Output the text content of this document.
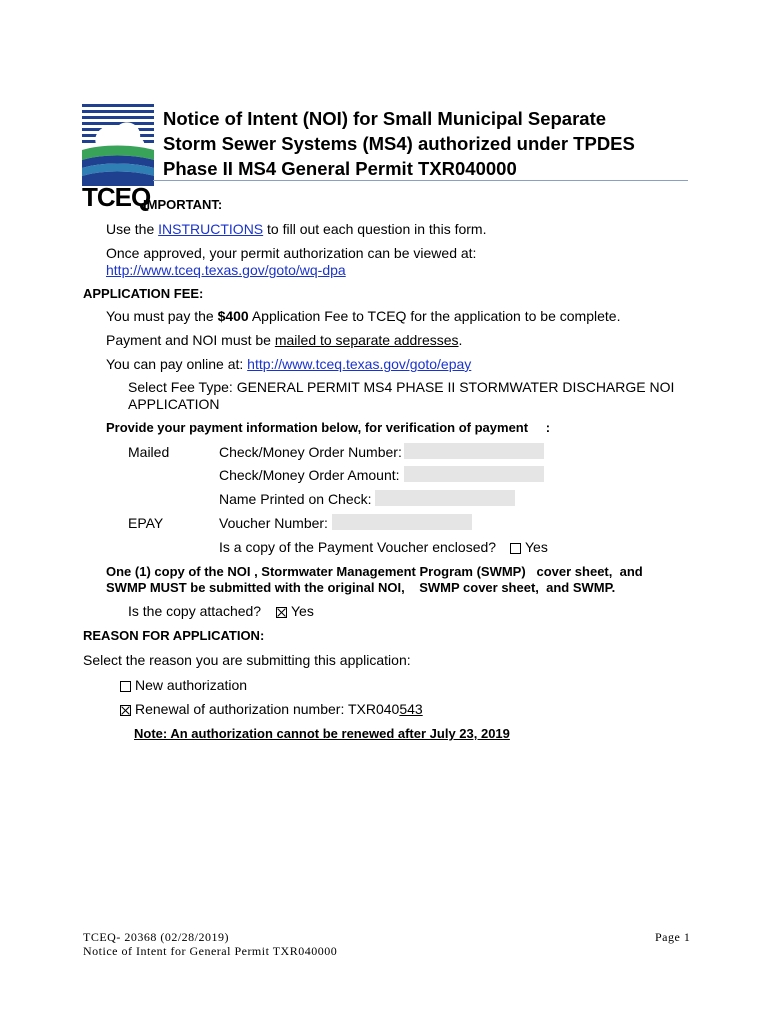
TCEQ
Notice of Intent (NOI) for Small Municipal Separate
Storm Sewer Systems (MS4) authorized under TPDES
Phase II MS4 General Permit TXR040000
IMPORTANT:
Use the INSTRUCTIONS to fill out each question in this form.
Once approved, your permit authorization can be viewed at:
http://www.tceq.texas.gov/goto/wq-dpa
APPLICATION FEE:
You must pay the $400 Application Fee to TCEQ for the application to be complete.
Payment and NOI must be mailed to separate addresses.
You can pay online at: http://www.tceq.texas.gov/goto/epay
Select Fee Type: GENERAL PERMIT MS4 PHASE II STORMWATER DISCHARGE NOI
APPLICATION
Provide your payment information below, for verification of payment :
Mailed	Check/Money Order Number:
Check/Money Order Amount:
Name Printed on Check:
EPAY	Voucher Number:
Is a copy of the Payment Voucher enclosed?	Yes
One (1) copy of the NOI , Stormwater Management Program (SWMP)   cover sheet,  and
SWMP MUST be submitted with the original NOI,    SWMP cover sheet,  and SWMP.
Is the copy attached?	Yes
REASON FOR APPLICATION:
Select the reason you are submitting this application:
New authorization
Renewal of authorization number: TXR040543
Note: An authorization cannot be renewed after July 23, 2019
TCEQ- 20368 (02/28/2019)
Notice of Intent for General Permit TXR040000
Page 1
